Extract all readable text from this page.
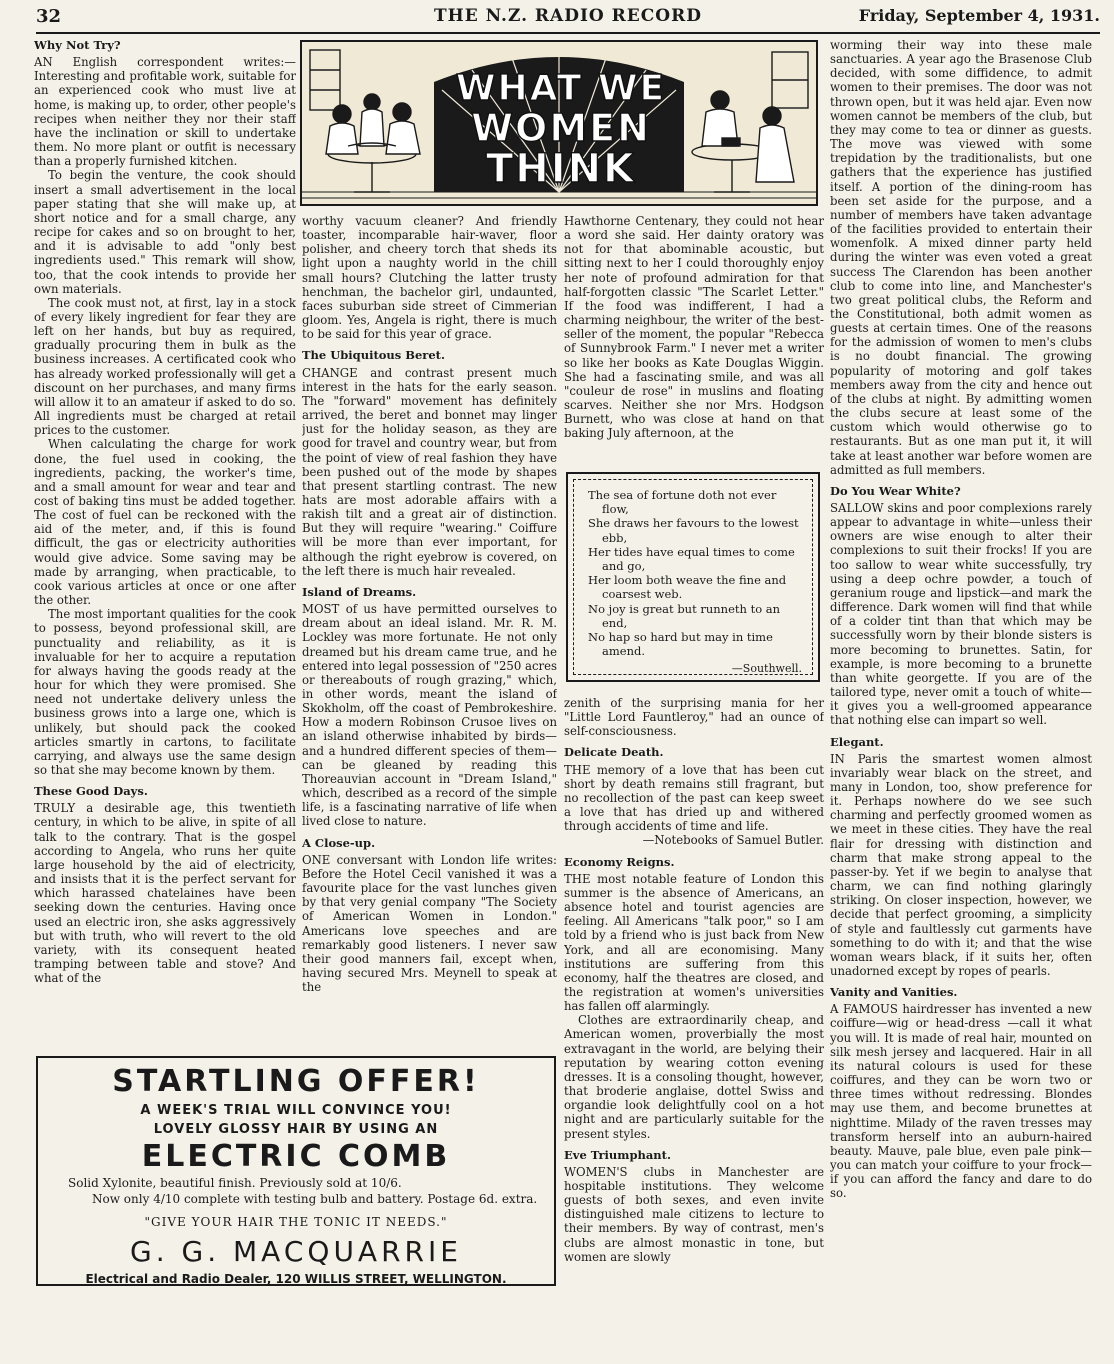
32	THE N.Z. RADIO RECORD	Friday, September 4, 1931.
WHAT WE
WOMEN
THINK
Why Not Try?

AN English correspondent writes:— Interesting and profitable work, suitable for an experienced cook who must live at home, is making up, to order, other people's recipes when neither they nor their staff have the inclination or skill to undertake them. No more plant or outfit is necessary than a properly furnished kitchen.

To begin the venture, the cook should insert a small advertisement in the local paper stating that she will make up, at short notice and for a small charge, any recipe for cakes and so on brought to her, and it is advisable to add "only best ingredients used." This remark will show, too, that the cook intends to provide her own materials.

The cook must not, at first, lay in a stock of every likely ingredient for fear they are left on her hands, but buy as required, gradually procuring them in bulk as the business increases. A certificated cook who has already worked professionally will get a discount on her purchases, and many firms will allow it to an amateur if asked to do so. All ingredients must be charged at retail prices to the customer.

When calculating the charge for work done, the fuel used in cooking, the ingredients, packing, the worker's time, and a small amount for wear and tear and cost of baking tins must be added together. The cost of fuel can be reckoned with the aid of the meter, and, if this is found difficult, the gas or electricity authorities would give advice. Some saving may be made by arranging, when practicable, to cook various articles at once or one after the other.

The most important qualities for the cook to possess, beyond professional skill, are punctuality and reliability, as it is invaluable for her to acquire a reputation for always having the goods ready at the hour for which they were promised. She need not undertake delivery unless the business grows into a large one, which is unlikely, but should pack the cooked articles smartly in cartons, to facilitate carrying, and always use the same design so that she may become known by them.

These Good Days.

TRULY a desirable age, this twentieth century, in which to be alive, in spite of all talk to the contrary. That is the gospel according to Angela, who runs her quite large household by the aid of electricity, and insists that it is the perfect servant for which harassed chatelaines have been seeking down the centuries. Having once used an electric iron, she asks aggressively but with truth, who will revert to the old variety, with its consequent heated tramping between table and stove? And what of the

worthy vacuum cleaner? And friendly toaster, incomparable hair-waver, floor polisher, and cheery torch that sheds its light upon a naughty world in the chill small hours? Clutching the latter trusty henchman, the bachelor girl, undaunted, faces suburban side street of Cimmerian gloom. Yes, Angela is right, there is much to be said for this year of grace.

The Ubiquitous Beret.

CHANGE and contrast present much interest in the hats for the early season. The "forward" movement has definitely arrived, the beret and bonnet may linger just for the holiday season, as they are good for travel and country wear, but from the point of view of real fashion they have been pushed out of the mode by shapes that present startling contrast. The new hats are most adorable affairs with a rakish tilt and a great air of distinction. But they will require "wearing." Coiffure will be more than ever important, for although the right eyebrow is covered, on the left there is much hair revealed.

Island of Dreams.

MOST of us have permitted ourselves to dream about an ideal island. Mr. R. M. Lockley was more fortunate. He not only dreamed but his dream came true, and he entered into legal possession of "250 acres or thereabouts of rough grazing," which, in other words, meant the island of Skokholm, off the coast of Pembrokeshire. How a modern Robinson Crusoe lives on an island otherwise inhabited by birds—and a hundred different species of them—can be gleaned by reading this Thoreauvian account in "Dream Island," which, described as a record of the simple life, is a fascinating narrative of life when lived close to nature.

A Close-up.

ONE conversant with London life writes: Before the Hotel Cecil vanished it was a favourite place for the vast lunches given by that very genial company "The Society of American Women in London." Americans love speeches and are remarkably good listeners. I never saw their good manners fail, except when, having secured Mrs. Meynell to speak at the

Hawthorne Centenary, they could not hear a word she said. Her dainty oratory was not for that abominable acoustic, but sitting next to her I could thoroughly enjoy her note of profound admiration for that half-forgotten classic "The Scarlet Letter." If the food was indifferent, I had a charming neighbour, the writer of the best-seller of the moment, the popular "Rebecca of Sunnybrook Farm." I never met a writer so like her books as Kate Douglas Wiggin. She had a fascinating smile, and was all "couleur de rose" in muslins and floating scarves. Neither she nor Mrs. Hodgson Burnett, who was close at hand on that baking July afternoon, at the

The sea of fortune doth not ever flow,
She draws her favours to the lowest ebb,
Her tides have equal times to come and go,
Her loom both weave the fine and coarsest web.
No joy is great but runneth to an end,
No hap so hard but may in time amend.
—Southwell.

zenith of the surprising mania for her "Little Lord Fauntleroy," had an ounce of self-consciousness.

Delicate Death.

THE memory of a love that has been cut short by death remains still fragrant, but no recollection of the past can keep sweet a love that has dried up and withered through accidents of time and life.

—Notebooks of Samuel Butler.

Economy Reigns.

THE most notable feature of London this summer is the absence of Americans, an absence hotel and tourist agencies are feeling. All Americans "talk poor," so I am told by a friend who is just back from New York, and all are economising. Many institutions are suffering from this economy, half the theatres are closed, and the registration at women's universities has fallen off alarmingly.

Clothes are extraordinarily cheap, and American women, proverbially the most extravagant in the world, are belying their reputation by wearing cotton evening dresses. It is a consoling thought, however, that broderie anglaise, dottel Swiss and organdie look delightfully cool on a hot night and are particularly suitable for the present styles.

Eve Triumphant.

WOMEN'S clubs in Manchester are hospitable institutions. They welcome guests of both sexes, and even invite distinguished male citizens to lecture to their members. By way of contrast, men's clubs are almost monastic in tone, but women are slowly

worming their way into these male sanctuaries. A year ago the Brasenose Club decided, with some diffidence, to admit women to their premises. The door was not thrown open, but it was held ajar. Even now women cannot be members of the club, but they may come to tea or dinner as guests. The move was viewed with some trepidation by the traditionalists, but one gathers that the experience has justified itself. A portion of the dining-room has been set aside for the purpose, and a number of members have taken advantage of the facilities provided to entertain their womenfolk. A mixed dinner party held during the winter was even voted a great success The Clarendon has been another club to come into line, and Manchester's two great political clubs, the Reform and the Constitutional, both admit women as guests at certain times. One of the reasons for the admission of women to men's clubs is no doubt financial. The growing popularity of motoring and golf takes members away from the city and hence out of the clubs at night. By admitting women the clubs secure at least some of the custom which would otherwise go to restaurants. But as one man put it, it will take at least another war before women are admitted as full members.

Do You Wear White?

SALLOW skins and poor complexions rarely appear to advantage in white—unless their owners are wise enough to alter their complexions to suit their frocks! If you are too sallow to wear white successfully, try using a deep ochre powder, a touch of geranium rouge and lipstick—and mark the difference. Dark women will find that while of a colder tint than that which may be successfully worn by their blonde sisters is more becoming to brunettes. Satin, for example, is more becoming to a brunette than white georgette. If you are of the tailored type, never omit a touch of white—it gives you a well-groomed appearance that nothing else can impart so well.

Elegant.

IN Paris the smartest women almost invariably wear black on the street, and many in London, too, show preference for it. Perhaps nowhere do we see such charming and perfectly groomed women as we meet in these cities. They have the real flair for dressing with distinction and charm that make strong appeal to the passer-by. Yet if we begin to analyse that charm, we can find nothing glaringly striking. On closer inspection, however, we decide that perfect grooming, a simplicity of style and faultlessly cut garments have something to do with it; and that the wise woman wears black, if it suits her, often unadorned except by ropes of pearls.

Vanity and Vanities.

A FAMOUS hairdresser has invented a new coiffure—wig or head-dress —call it what you will. It is made of real hair, mounted on silk mesh jersey and lacquered. Hair in all its natural colours is used for these coiffures, and they can be worn two or three times without redressing. Blondes may use them, and become brunettes at nighttime. Milady of the raven tresses may transform herself into an auburn-haired beauty. Mauve, pale blue, even pale pink—you can match your coiffure to your frock—if you can afford the fancy and dare to do so.

STARTLING OFFER!
A WEEK'S TRIAL WILL CONVINCE YOU!
LOVELY GLOSSY HAIR BY USING AN
ELECTRIC COMB
Solid Xylonite, beautiful finish. Previously sold at 10/6.
Now only 4/10 complete with testing bulb and battery. Postage 6d. extra.
"GIVE YOUR HAIR THE TONIC IT NEEDS."
G. G. MACQUARRIE
Electrical and Radio Dealer, 120 WILLIS STREET, WELLINGTON.
